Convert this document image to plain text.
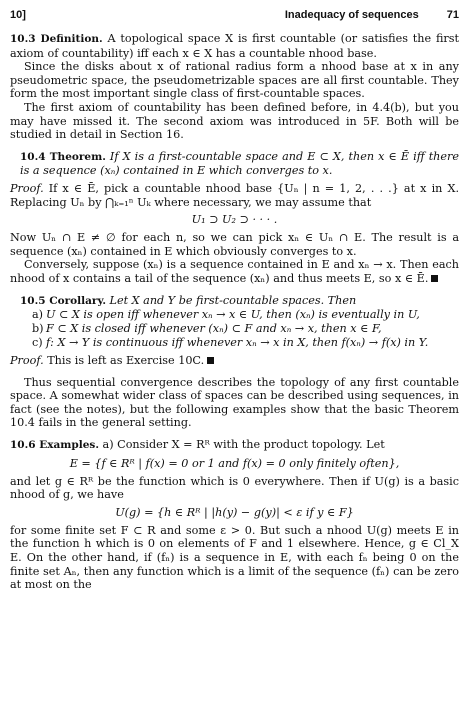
10]	Inadequacy of sequences	71

10.3 Definition. A topological space X is first countable (or satisfies the first axiom of countability) iff each x ∈ X has a countable nhood base.

Since the disks about x of rational radius form a nhood base at x in any pseudometric space, the pseudometrizable spaces are all first countable. They form the most important single class of first-countable spaces.

The first axiom of countability has been defined before, in 4.4(b), but you may have missed it. The second axiom was introduced in 5F. Both will be studied in detail in Section 16.

10.4 Theorem. If X is a first-countable space and E ⊂ X, then x ∈ Ē iff there is a sequence (xₙ) contained in E which converges to x.

Proof. If x ∈ Ē, pick a countable nhood base {Uₙ | n = 1, 2, . . .} at x in X. Replacing Uₙ by ⋂ₖ₌₁ⁿ Uₖ where necessary, we may assume that

U₁ ⊃ U₂ ⊃ · · · .

Now Uₙ ∩ E ≠ ∅ for each n, so we can pick xₙ ∈ Uₙ ∩ E. The result is a sequence (xₙ) contained in E which obviously converges to x.

Conversely, suppose (xₙ) is a sequence contained in E and xₙ → x. Then each nhood of x contains a tail of the sequence (xₙ) and thus meets E, so x ∈ Ē.

10.5 Corollary. Let X and Y be first-countable spaces. Then

a) U ⊂ X is open iff whenever xₙ → x ∈ U, then (xₙ) is eventually in U,
b) F ⊂ X is closed iff whenever (xₙ) ⊂ F and xₙ → x, then x ∈ F,
c) f: X → Y is continuous iff whenever xₙ → x in X, then f(xₙ) → f(x) in Y.

Proof. This is left as Exercise 10C.

Thus sequential convergence describes the topology of any first countable space. A somewhat wider class of spaces can be described using sequences, in fact (see the notes), but the following examples show that the basic Theorem 10.4 fails in the general setting.

10.6 Examples. a) Consider X = Rᴿ with the product topology. Let

E = {f ∈ Rᴿ | f(x) = 0 or 1 and f(x) = 0 only finitely often},

and let g ∈ Rᴿ be the function which is 0 everywhere. Then if U(g) is a basic nhood of g, we have

U(g) = {h ∈ Rᴿ | |h(y) − g(y)| < ε if y ∈ F}

for some finite set F ⊂ R and some ε > 0. But such a nhood U(g) meets E in the function h which is 0 on elements of F and 1 elsewhere. Hence, g ∈ Cl_X E. On the other hand, if (fₙ) is a sequence in E, with each fₙ being 0 on the finite set Aₙ, then any function which is a limit of the sequence (fₙ) can be zero at most on the
